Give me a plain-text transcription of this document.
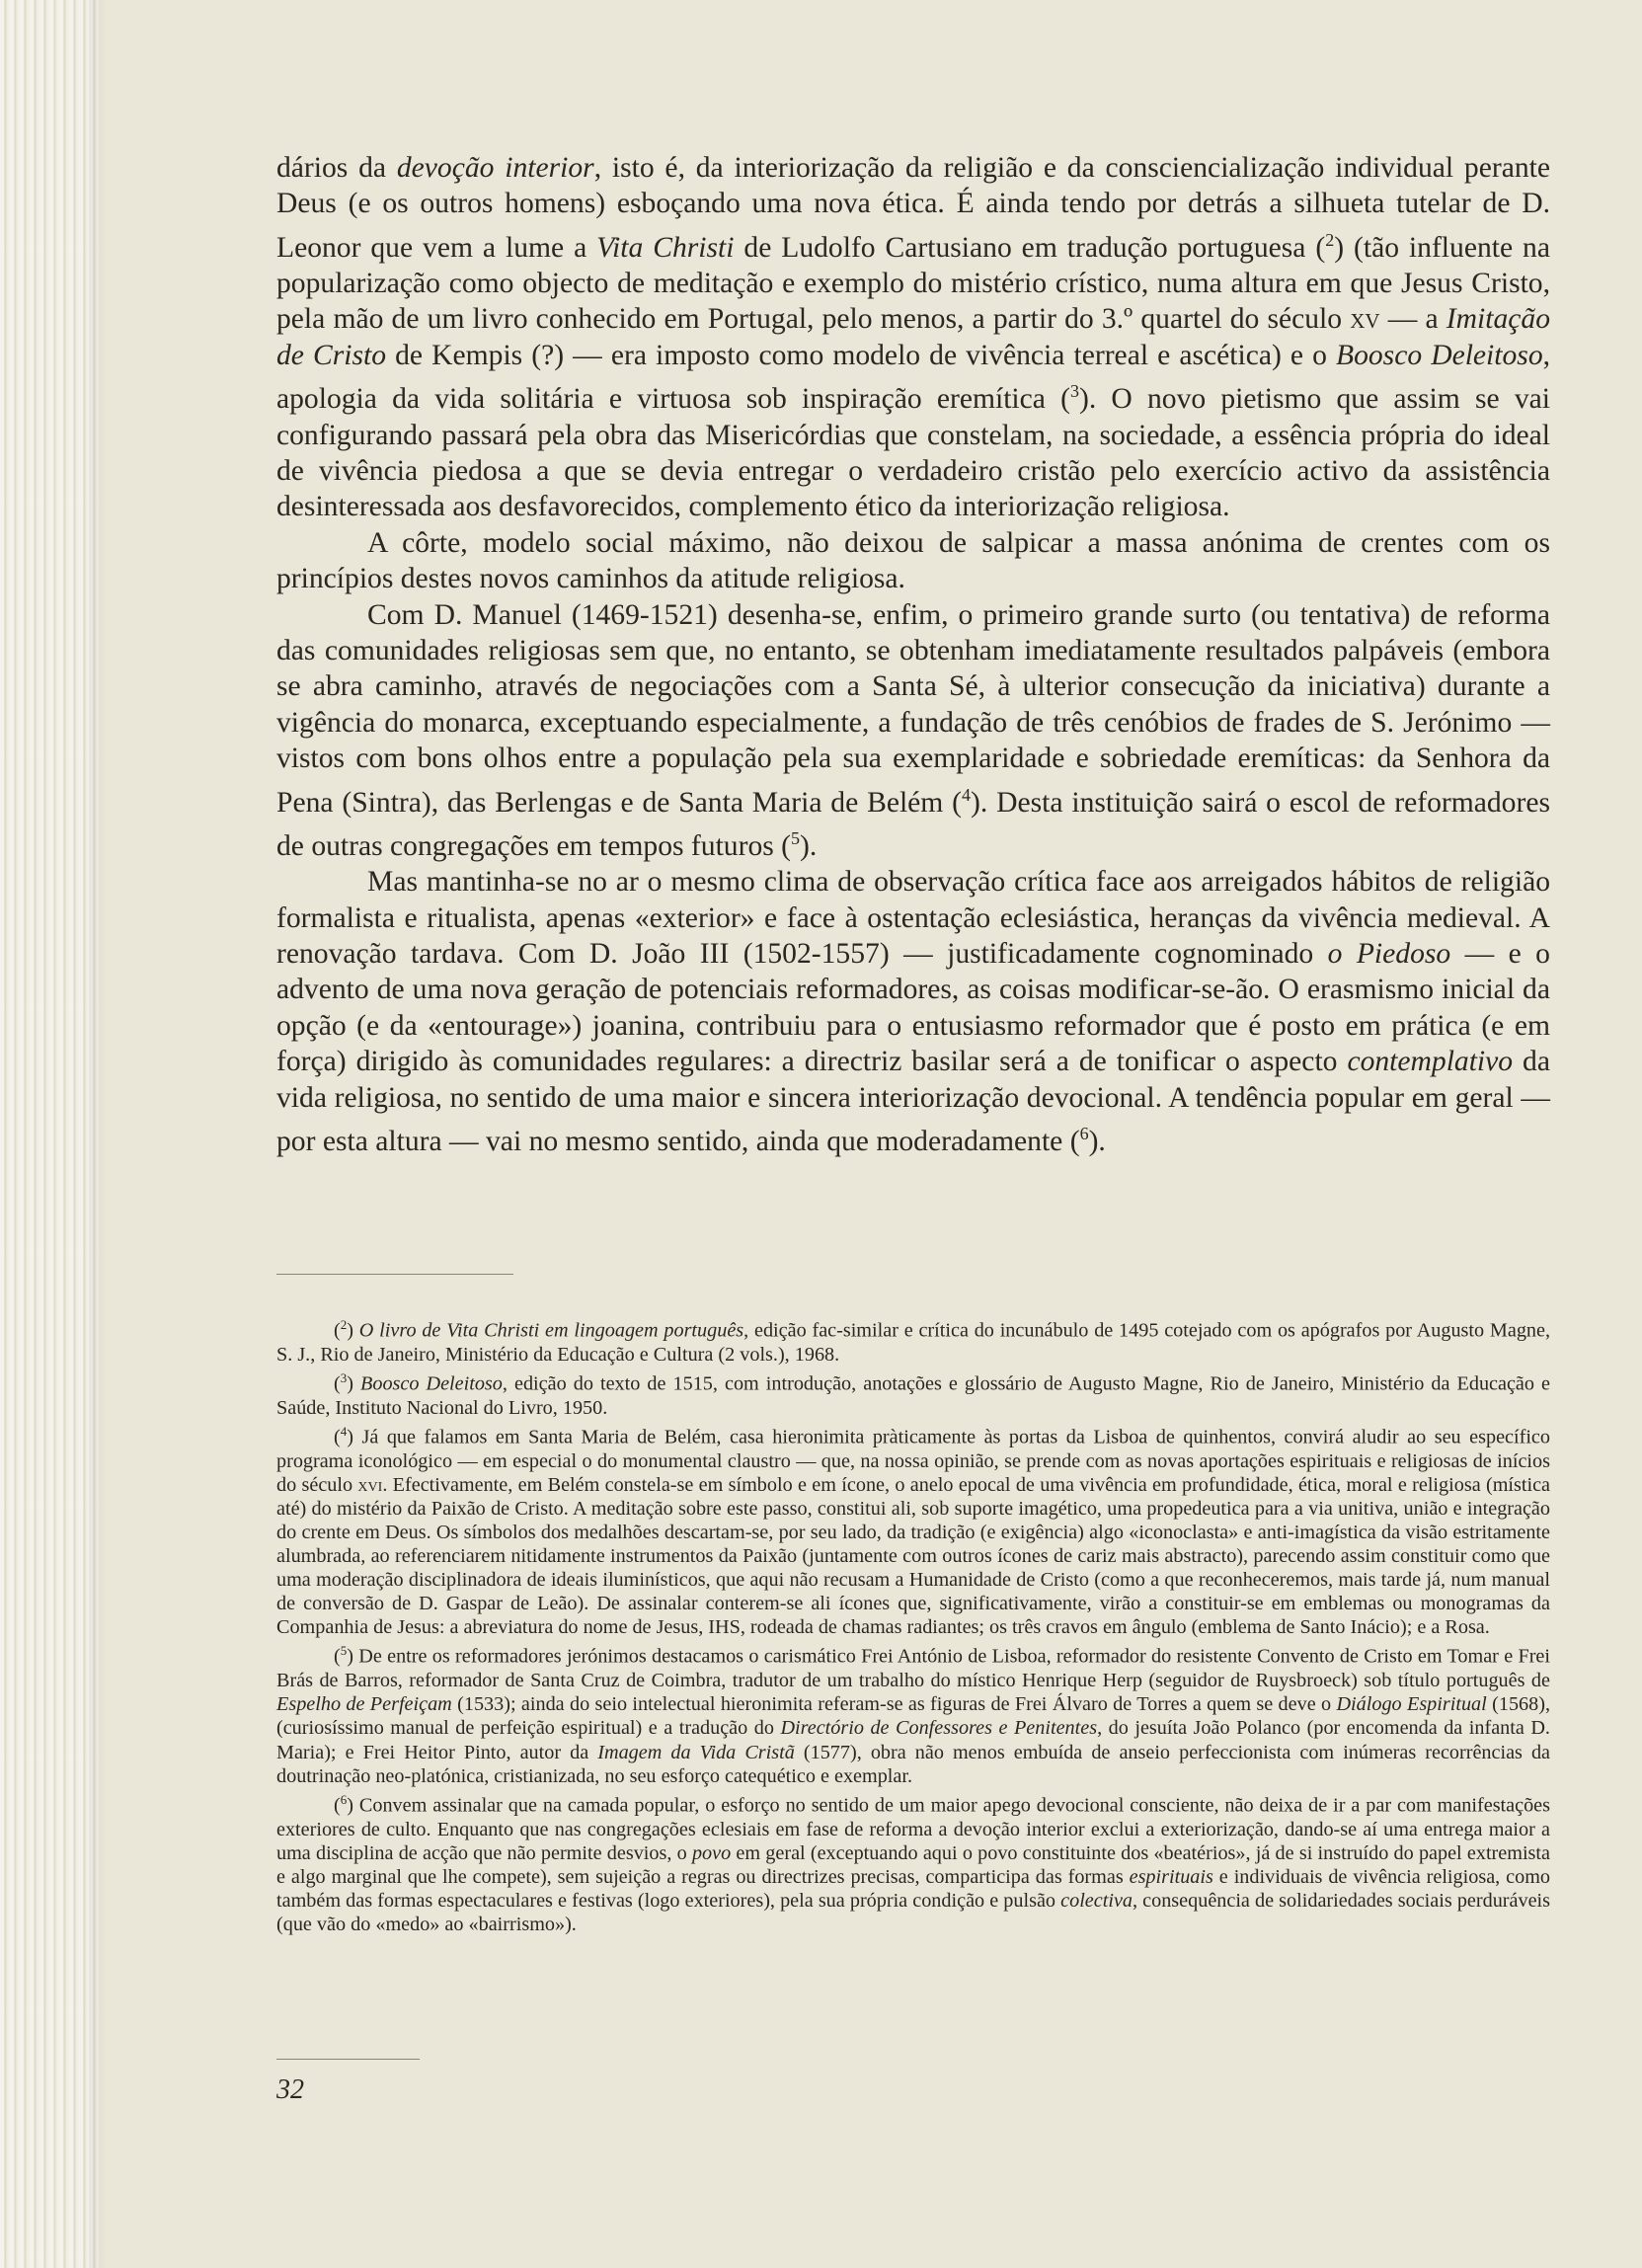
dários da devoção interior, isto é, da interiorização da religião e da consciencialização individual perante Deus (e os outros homens) esboçando uma nova ética. É ainda tendo por detrás a silhueta tutelar de D. Leonor que vem a lume a Vita Christi de Ludolfo Cartusiano em tradução portuguesa ($^2$) (tão influente na popularização como objecto de meditação e exemplo do mistério crístico, numa altura em que Jesus Cristo, pela mão de um livro conhecido em Portugal, pelo menos, a partir do 3.º quartel do século xv — a Imitação de Cristo de Kempis (?) — era imposto como modelo de vivência terreal e ascética) e o Boosco Deleitoso, apologia da vida solitária e virtuosa sob inspiração eremítica ($^3$). O novo pietismo que assim se vai configurando passará pela obra das Misericórdias que constelam, na sociedade, a essência própria do ideal de vivência piedosa a que se devia entregar o verdadeiro cristão pelo exercício activo da assistência desinteressada aos desfavorecidos, complemento ético da interiorização religiosa.

A côrte, modelo social máximo, não deixou de salpicar a massa anónima de crentes com os princípios destes novos caminhos da atitude religiosa.

Com D. Manuel (1469-1521) desenha-se, enfim, o primeiro grande surto (ou tentativa) de reforma das comunidades religiosas sem que, no entanto, se obtenham imediatamente resultados palpáveis (embora se abra caminho, através de negociações com a Santa Sé, à ulterior consecução da iniciativa) durante a vigência do monarca, exceptuando especialmente, a fundação de três cenóbios de frades de S. Jerónimo — vistos com bons olhos entre a população pela sua exemplaridade e sobriedade eremíticas: da Senhora da Pena (Sintra), das Berlengas e de Santa Maria de Belém ($^4$). Desta instituição sairá o escol de reformadores de outras congregações em tempos futuros ($^5$).

Mas mantinha-se no ar o mesmo clima de observação crítica face aos arreigados hábitos de religião formalista e ritualista, apenas «exterior» e face à ostentação eclesiástica, heranças da vivência medieval. A renovação tardava. Com D. João III (1502-1557) — justificadamente cognominado o Piedoso — e o advento de uma nova geração de potenciais reformadores, as coisas modificar-se-ão. O erasmismo inicial da opção (e da «entourage») joanina, contribuiu para o entusiasmo reformador que é posto em prática (e em força) dirigido às comunidades regulares: a directriz basilar será a de tonificar o aspecto contemplativo da vida religiosa, no sentido de uma maior e sincera interiorização devocional. A tendência popular em geral — por esta altura — vai no mesmo sentido, ainda que moderadamente ($^6$).

($^2$) O livro de Vita Christi em lingoagem português, edição fac-similar e crítica do incunábulo de 1495 cotejado com os apógrafos por Augusto Magne, S. J., Rio de Janeiro, Ministério da Educação e Cultura (2 vols.), 1968.

($^3$) Boosco Deleitoso, edição do texto de 1515, com introdução, anotações e glossário de Augusto Magne, Rio de Janeiro, Ministério da Educação e Saúde, Instituto Nacional do Livro, 1950.

($^4$) Já que falamos em Santa Maria de Belém, casa hieronimita pràticamente às portas da Lisboa de quinhentos, convirá aludir ao seu específico programa iconológico — em especial o do monumental claustro — que, na nossa opinião, se prende com as novas aportações espirituais e religiosas de inícios do século xvi. Efectivamente, em Belém constela-se em símbolo e em ícone, o anelo epocal de uma vivência em profundidade, ética, moral e religiosa (mística até) do mistério da Paixão de Cristo. A meditação sobre este passo, constitui ali, sob suporte imagético, uma propedeutica para a via unitiva, união e integração do crente em Deus. Os símbolos dos medalhões descartam-se, por seu lado, da tradição (e exigência) algo «iconoclasta» e anti-imagística da visão estritamente alumbrada, ao referenciarem nitidamente instrumentos da Paixão (juntamente com outros ícones de cariz mais abstracto), parecendo assim constituir como que uma moderação disciplinadora de ideais iluminísticos, que aqui não recusam a Humanidade de Cristo (como a que reconheceremos, mais tarde já, num manual de conversão de D. Gaspar de Leão). De assinalar conterem-se ali ícones que, significativamente, virão a constituir-se em emblemas ou monogramas da Companhia de Jesus: a abreviatura do nome de Jesus, IHS, rodeada de chamas radiantes; os três cravos em ângulo (emblema de Santo Inácio); e a Rosa.

($^5$) De entre os reformadores jerónimos destacamos o carismático Frei António de Lisboa, reformador do resistente Convento de Cristo em Tomar e Frei Brás de Barros, reformador de Santa Cruz de Coimbra, tradutor de um trabalho do místico Henrique Herp (seguidor de Ruysbroeck) sob título português de Espelho de Perfeiçam (1533); ainda do seio intelectual hieronimita referam-se as figuras de Frei Álvaro de Torres a quem se deve o Diálogo Espiritual (1568), (curiosíssimo manual de perfeição espiritual) e a tradução do Directório de Confessores e Penitentes, do jesuíta João Polanco (por encomenda da infanta D. Maria); e Frei Heitor Pinto, autor da Imagem da Vida Cristã (1577), obra não menos embuída de anseio perfeccionista com inúmeras recorrências da doutrinação neo-platónica, cristianizada, no seu esforço catequético e exemplar.

($^6$) Convem assinalar que na camada popular, o esforço no sentido de um maior apego devocional consciente, não deixa de ir a par com manifestações exteriores de culto. Enquanto que nas congregações eclesiais em fase de reforma a devoção interior exclui a exteriorização, dando-se aí uma entrega maior a uma disciplina de acção que não permite desvios, o povo em geral (exceptuando aqui o povo constituinte dos «beatérios», já de si instruído do papel extremista e algo marginal que lhe compete), sem sujeição a regras ou directrizes precisas, comparticipa das formas espirituais e individuais de vivência religiosa, como também das formas espectaculares e festivas (logo exteriores), pela sua própria condição e pulsão colectiva, consequência de solidariedades sociais perduráveis (que vão do «medo» ao «bairrismo»).

32
